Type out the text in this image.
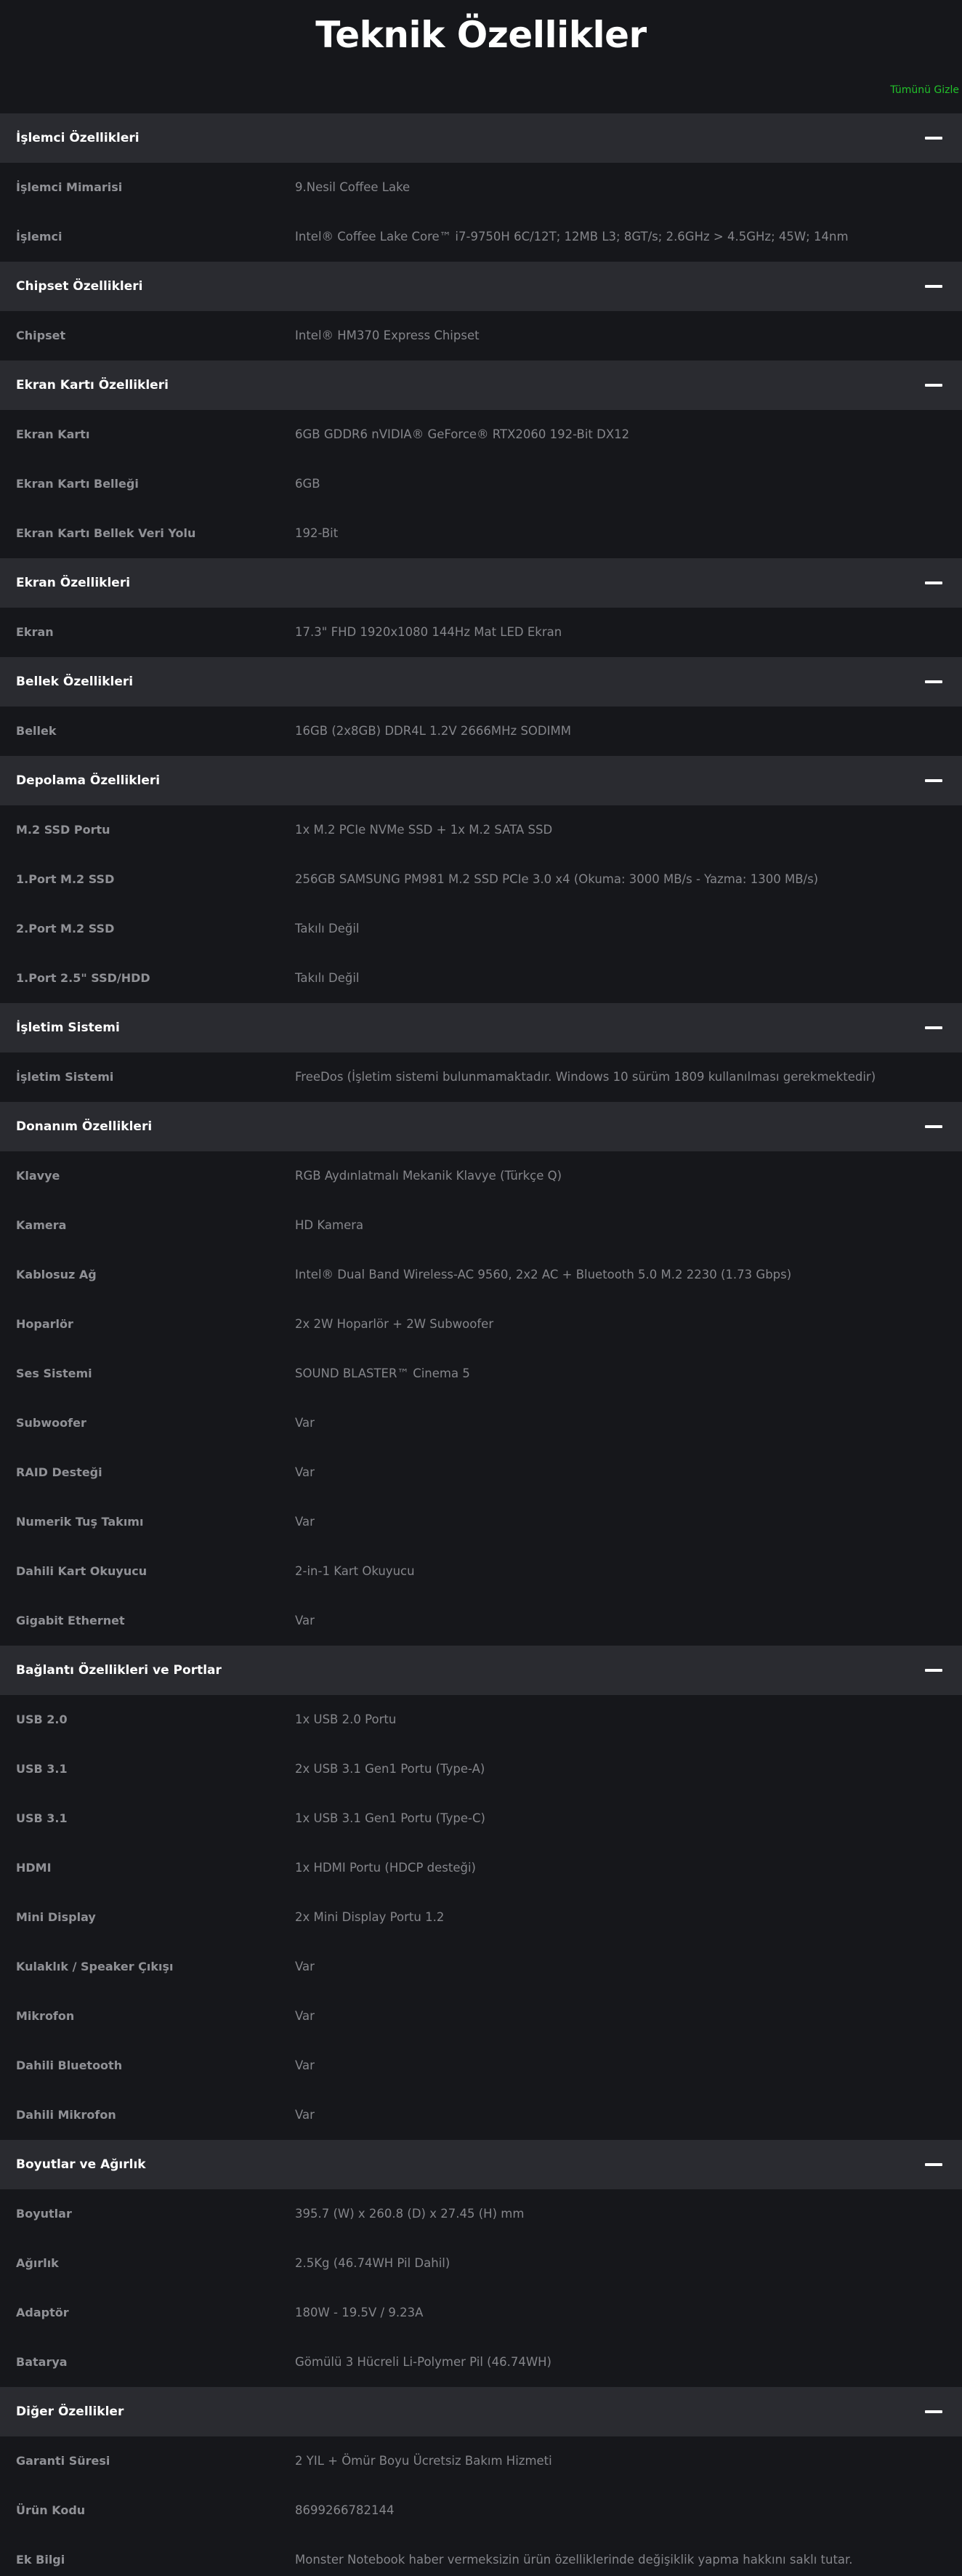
Teknik Özellikler
Tümünü Gizle
İşlemci Özellikleri
İşlemci Mimarisi	9.Nesil Coffee Lake
İşlemci	Intel® Coffee Lake Core™ i7-9750H 6C/12T; 12MB L3; 8GT/s; 2.6GHz > 4.5GHz; 45W; 14nm
Chipset Özellikleri
Chipset	Intel® HM370 Express Chipset
Ekran Kartı Özellikleri
Ekran Kartı	6GB GDDR6 nVIDIA® GeForce® RTX2060 192-Bit DX12
Ekran Kartı Belleği	6GB
Ekran Kartı Bellek Veri Yolu	192-Bit
Ekran Özellikleri
Ekran	17.3" FHD 1920x1080 144Hz Mat LED Ekran
Bellek Özellikleri
Bellek	16GB (2x8GB) DDR4L 1.2V 2666MHz SODIMM
Depolama Özellikleri
M.2 SSD Portu	1x M.2 PCIe NVMe SSD + 1x M.2 SATA SSD
1.Port M.2 SSD	256GB SAMSUNG PM981 M.2 SSD PCIe 3.0 x4 (Okuma: 3000 MB/s - Yazma: 1300 MB/s)
2.Port M.2 SSD	Takılı Değil
1.Port 2.5" SSD/HDD	Takılı Değil
İşletim Sistemi
İşletim Sistemi	FreeDos (İşletim sistemi bulunmamaktadır. Windows 10 sürüm 1809 kullanılması gerekmektedir)
Donanım Özellikleri
Klavye	RGB Aydınlatmalı Mekanik Klavye (Türkçe Q)
Kamera	HD Kamera
Kablosuz Ağ	Intel® Dual Band Wireless-AC 9560, 2x2 AC + Bluetooth 5.0 M.2 2230 (1.73 Gbps)
Hoparlör	2x 2W Hoparlör + 2W Subwoofer
Ses Sistemi	SOUND BLASTER™ Cinema 5
Subwoofer	Var
RAID Desteği	Var
Numerik Tuş Takımı	Var
Dahili Kart Okuyucu	2-in-1 Kart Okuyucu
Gigabit Ethernet	Var
Bağlantı Özellikleri ve Portlar
USB 2.0	1x USB 2.0 Portu
USB 3.1	2x USB 3.1 Gen1 Portu (Type-A)
USB 3.1	1x USB 3.1 Gen1 Portu (Type-C)
HDMI	1x HDMI Portu (HDCP desteği)
Mini Display	2x Mini Display Portu 1.2
Kulaklık / Speaker Çıkışı	Var
Mikrofon	Var
Dahili Bluetooth	Var
Dahili Mikrofon	Var
Boyutlar ve Ağırlık
Boyutlar	395.7 (W) x 260.8 (D) x 27.45 (H) mm
Ağırlık	2.5Kg (46.74WH Pil Dahil)
Adaptör	180W - 19.5V / 9.23A
Batarya	Gömülü 3 Hücreli Li-Polymer Pil (46.74WH)
Diğer Özellikler
Garanti Süresi	2 YIL + Ömür Boyu Ücretsiz Bakım Hizmeti
Ürün Kodu	8699266782144
Ek Bilgi	Monster Notebook haber vermeksizin ürün özelliklerinde değişiklik yapma hakkını saklı tutar.
